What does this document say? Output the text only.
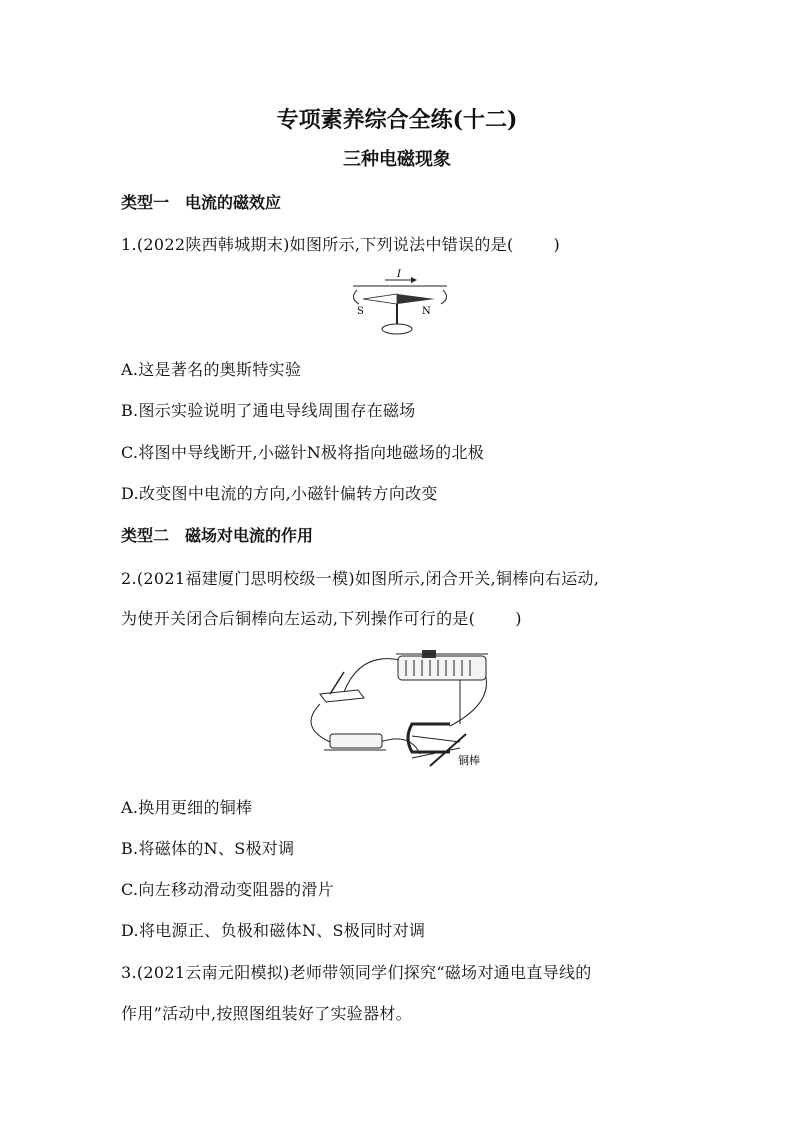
专项素养综合全练(十二)
三种电磁现象
类型一　电流的磁效应
1.(2022陕西韩城期末)如图所示,下列说法中错误的是(	)
I
S	N
A.这是著名的奥斯特实验
B.图示实验说明了通电导线周围存在磁场
C.将图中导线断开,小磁针N极将指向地磁场的北极
D.改变图中电流的方向,小磁针偏转方向改变
类型二　磁场对电流的作用
2.(2021福建厦门思明校级一模)如图所示,闭合开关,铜棒向右运动,
为使开关闭合后铜棒向左运动,下列操作可行的是(	)
铜棒
A.换用更细的铜棒
B.将磁体的N、S极对调
C.向左移动滑动变阻器的滑片
D.将电源正、负极和磁体N、S极同时对调
3.(2021云南元阳模拟)老师带领同学们探究“磁场对通电直导线的
作用”活动中,按照图组装好了实验器材。
